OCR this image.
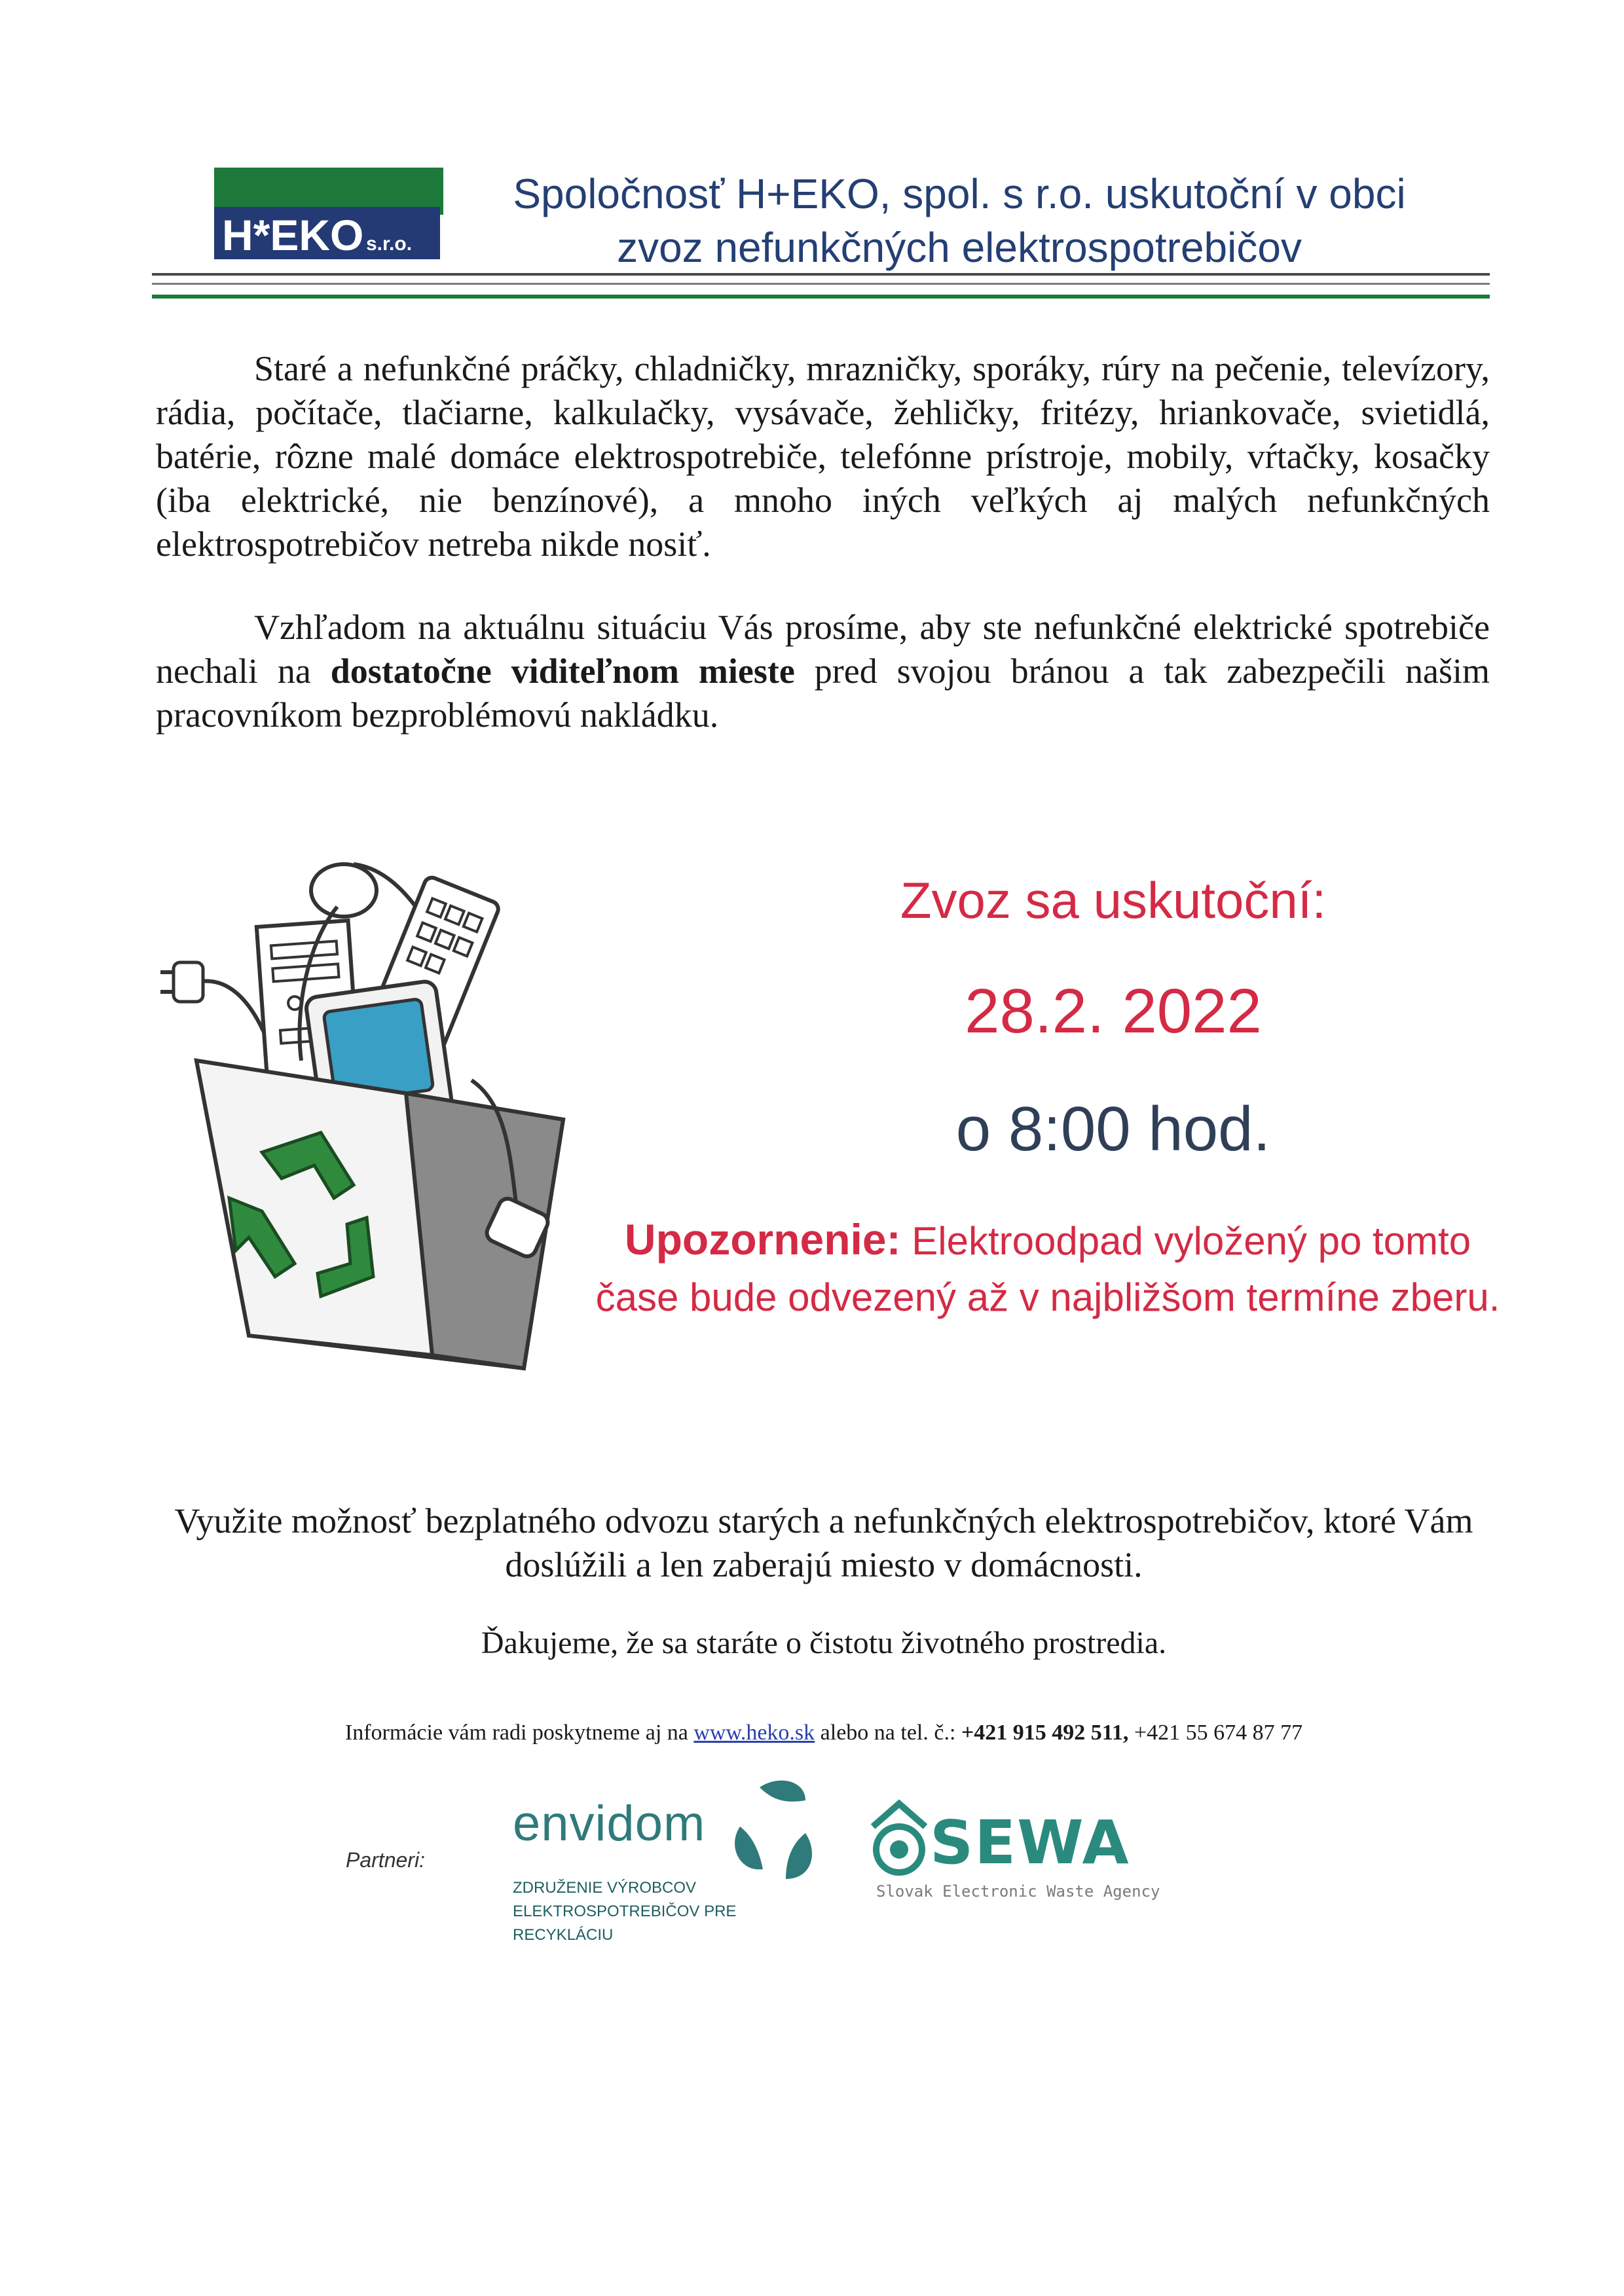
H*EKO s.r.o.
Spoločnosť H+EKO, spol. s r.o. uskutoční v obci
zvoz nefunkčných elektrospotrebičov
Staré a nefunkčné práčky, chladničky, mrazničky, sporáky, rúry na pečenie, televízory, rádia, počítače, tlačiarne, kalkulačky, vysávače, žehličky, fritézy, hriankovače, svietidlá, batérie, rôzne malé domáce elektrospotrebiče, telefónne prístroje, mobily, vŕtačky, kosačky (iba elektrické, nie benzínové), a mnoho iných veľkých aj malých nefunkčných elektrospotrebičov netreba nikde nosiť.
Vzhľadom na aktuálnu situáciu Vás prosíme, aby ste nefunkčné elektrické spotrebiče nechali na dostatočne viditeľnom mieste pred svojou bránou a tak zabezpečili našim pracovníkom bezproblémovú nakládku.
Zvoz sa uskutoční:
28.2. 2022
o 8:00 hod.
Upozornenie: Elektroodpad vyložený po tomto čase bude odvezený až v najbližšom termíne zberu.
Využite možnosť bezplatného odvozu starých a nefunkčných elektrospotrebičov, ktoré Vám doslúžili a len zaberajú miesto v domácnosti.
Ďakujeme, že sa staráte o čistotu životného prostredia.
Informácie vám radi poskytneme aj na www.heko.sk alebo na tel. č.: +421 915 492 511, +421 55 674 87 77
Partneri:
envidom
ZDRUŽENIE VÝROBCOV
ELEKTROSPOTREBIČOV PRE RECYKLÁCIU
SEWA
Slovak Electronic Waste Agency
